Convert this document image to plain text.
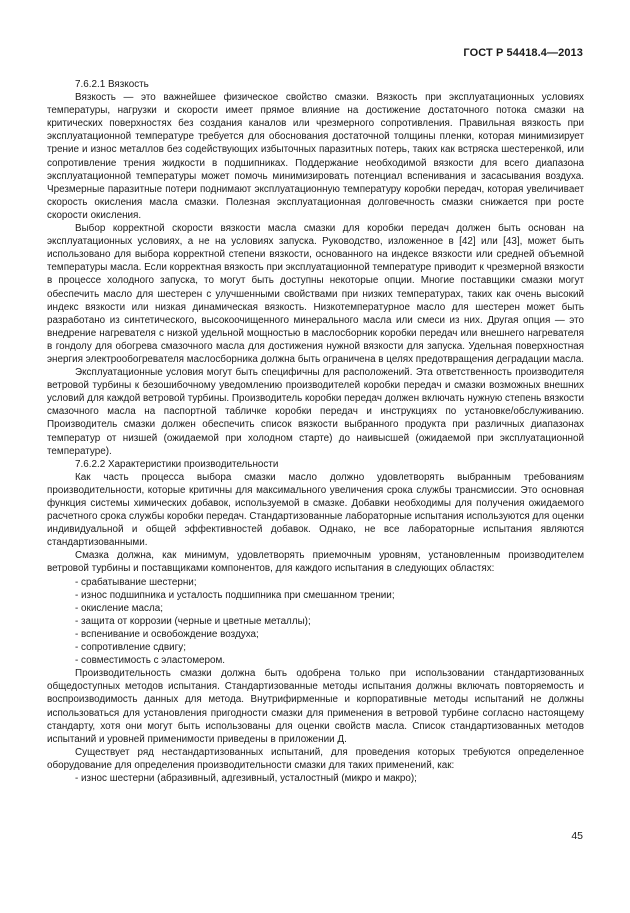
ГОСТ Р 54418.4—2013

7.6.2.1 Вязкость

Вязкость — это важнейшее физическое свойство смазки. Вязкость при эксплуатационных условиях температуры, нагрузки и скорости имеет прямое влияние на достижение достаточного потока смазки на критических поверхностях без создания каналов или чрезмерного сопротивления. Правильная вязкость при эксплуатационной температуре требуется для обоснования достаточной толщины пленки, которая минимизирует трение и износ металлов без содействующих избыточных паразитных потерь, таких как встряска шестеренкой, или сопротивление трения жидкости в подшипниках. Поддержание необходимой вязкости для всего диапазона эксплуатационной температуры может помочь минимизировать потенциал вспенивания и засасывания воздуха. Чрезмерные паразитные потери поднимают эксплуатационную температуру коробки передач, которая увеличивает скорость окисления масла смазки. Полезная эксплуатационная долговечность смазки снижается при росте скорости окисления.

Выбор корректной скорости вязкости масла смазки для коробки передач должен быть основан на эксплуатационных условиях, а не на условиях запуска. Руководство, изложенное в [42] или [43], может быть использовано для выбора корректной степени вязкости, основанного на индексе вязкости или средней объемной температуры масла. Если корректная вязкость при эксплуатационной температуре приводит к чрезмерной вязкости в процессе холодного запуска, то могут быть доступны некоторые опции. Многие поставщики смазки могут обеспечить масло для шестерен с улучшенными свойствами при низких температурах, таких как очень высокий индекс вязкости или низкая динамическая вязкость. Низкотемпературное масло для шестерен может быть разработано из синтетического, высокоочищенного минерального масла или смеси из них. Другая опция — это внедрение нагревателя с низкой удельной мощностью в маслосборник коробки передач или внешнего нагревателя в гондолу для обогрева смазочного масла для достижения нужной вязкости для запуска. Удельная поверхностная энергия электрообогревателя маслосборника должна быть ограничена в целях предотвращения деградации масла.

Эксплуатационные условия могут быть специфичны для расположений. Эта ответственность производителя ветровой турбины к безошибочному уведомлению производителей коробки передач и смазки возможных внешних условий для каждой ветровой турбины. Производитель коробки передач должен включать нужную степень вязкости смазочного масла на паспортной табличке коробки передач и инструкциях по установке/обслуживанию. Производитель смазки должен обеспечить список вязкости выбранного продукта при различных диапазонах температур от низшей (ожидаемой при холодном старте) до наивысшей (ожидаемой при эксплуатационной температуре).

7.6.2.2 Характеристики производительности

Как часть процесса выбора смазки масло должно удовлетворять выбранным требованиям производительности, которые критичны для максимального увеличения срока службы трансмиссии. Это основная функция системы химических добавок, используемой в смазке. Добавки необходимы для получения ожидаемого расчетного срока службы коробки передач. Стандартизованные лабораторные испытания используются для оценки индивидуальной и общей эффективностей добавок. Однако, не все лабораторные испытания являются стандартизованными.

Смазка должна, как минимум, удовлетворять приемочным уровням, установленным производителем ветровой турбины и поставщиками компонентов, для каждого испытания в следующих областях:

- срабатывание шестерни;
- износ подшипника и усталость подшипника при смешанном трении;
- окисление масла;
- защита от коррозии (черные и цветные металлы);
- вспенивание и освобождение воздуха;
- сопротивление сдвигу;
- совместимость с эластомером.

Производительность смазки должна быть одобрена только при использовании стандартизованных общедоступных методов испытания. Стандартизованные методы испытания должны включать повторяемость и воспроизводимость данных для метода. Внутрифирменные и корпоративные методы испытаний не должны использоваться для установления пригодности смазки для применения в ветровой турбине согласно настоящему стандарту, хотя они могут быть использованы для оценки свойств масла. Список стандартизованных методов испытаний и уровней применимости приведены в приложении Д.

Существует ряд нестандартизованных испытаний, для проведения которых требуются определенное оборудование для определения производительности смазки для таких применений, как:

- износ шестерни (абразивный, адгезивный, усталостный (микро и макро);
45
